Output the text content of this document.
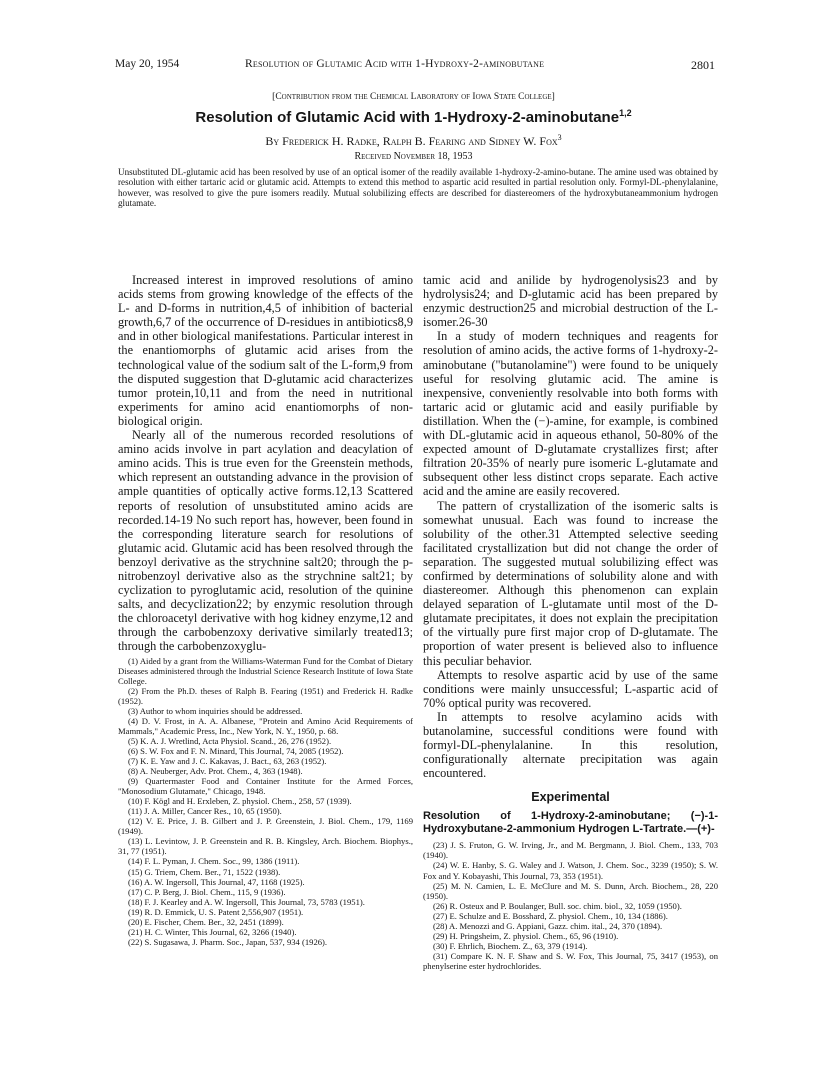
May 20, 1954	Resolution of Glutamic Acid with 1-Hydroxy-2-aminobutane	2801
[Contribution from the Chemical Laboratory of Iowa State College]
Resolution of Glutamic Acid with 1-Hydroxy-2-aminobutane$^{1,2}$
By Frederick H. Radke, Ralph B. Fearing and Sidney W. Fox$^3$
Received November 18, 1953
Unsubstituted DL-glutamic acid has been resolved by use of an optical isomer of the readily available 1-hydroxy-2-amino-butane. The amine used was obtained by resolution with either tartaric acid or glutamic acid. Attempts to extend this method to aspartic acid resulted in partial resolution only. Formyl-DL-phenylalanine, however, was resolved to give the pure isomers readily. Mutual solubilizing effects are described for diastereomers of the hydroxybutaneammonium hydrogen glutamate.

Increased interest in improved resolutions of amino acids stems from growing knowledge of the effects of the L- and D-forms in nutrition,4,5 of inhibition of bacterial growth,6,7 of the occurrence of D-residues in antibiotics8,9 and in other biological manifestations. Particular interest in the enantiomorphs of glutamic acid arises from the technological value of the sodium salt of the L-form,9 from the disputed suggestion that D-glutamic acid characterizes tumor protein,10,11 and from the need in nutritional experiments for amino acid enantiomorphs of non-biological origin.

Nearly all of the numerous recorded resolutions of amino acids involve in part acylation and deacylation of amino acids. This is true even for the Greenstein methods, which represent an outstanding advance in the provision of ample quantities of optically active forms.12,13 Scattered reports of resolution of unsubstituted amino acids are recorded.14-19 No such report has, however, been found in the corresponding literature search for resolutions of glutamic acid. Glutamic acid has been resolved through the benzoyl derivative as the strychnine salt20; through the p-nitrobenzoyl derivative also as the strychnine salt21; by cyclization to pyroglutamic acid, resolution of the quinine salts, and decyclization22; by enzymic resolution through the chloroacetyl derivative with hog kidney enzyme,12 and through the carbobenzoxy derivative similarly treated13; through the carbobenzoxyglu-

(1) Aided by a grant from the Williams-Waterman Fund for the Combat of Dietary Diseases administered through the Industrial Science Research Institute of Iowa State College.

(2) From the Ph.D. theses of Ralph B. Fearing (1951) and Frederick H. Radke (1952).

(3) Author to whom inquiries should be addressed.

(4) D. V. Frost, in A. A. Albanese, "Protein and Amino Acid Requirements of Mammals," Academic Press, Inc., New York, N. Y., 1950, p. 68.

(5) K. A. J. Wretlind, Acta Physiol. Scand., 26, 276 (1952).

(6) S. W. Fox and F. N. Minard, This Journal, 74, 2085 (1952).

(7) K. E. Yaw and J. C. Kakavas, J. Bact., 63, 263 (1952).

(8) A. Neuberger, Adv. Prot. Chem., 4, 363 (1948).

(9) Quartermaster Food and Container Institute for the Armed Forces, "Monosodium Glutamate," Chicago, 1948.

(10) F. Kögl and H. Erxleben, Z. physiol. Chem., 258, 57 (1939).

(11) J. A. Miller, Cancer Res., 10, 65 (1950).

(12) V. E. Price, J. B. Gilbert and J. P. Greenstein, J. Biol. Chem., 179, 1169 (1949).

(13) L. Levintow, J. P. Greenstein and R. B. Kingsley, Arch. Biochem. Biophys., 31, 77 (1951).

(14) F. L. Pyman, J. Chem. Soc., 99, 1386 (1911).

(15) G. Triem, Chem. Ber., 71, 1522 (1938).

(16) A. W. Ingersoll, This Journal, 47, 1168 (1925).

(17) C. P. Berg, J. Biol. Chem., 115, 9 (1936).

(18) F. J. Kearley and A. W. Ingersoll, This Journal, 73, 5783 (1951).

(19) R. D. Emmick, U. S. Patent 2,556,907 (1951).

(20) E. Fischer, Chem. Ber., 32, 2451 (1899).

(21) H. C. Winter, This Journal, 62, 3266 (1940).

(22) S. Sugasawa, J. Pharm. Soc., Japan, 537, 934 (1926).

tamic acid and anilide by hydrogenolysis23 and by hydrolysis24; and D-glutamic acid has been prepared by enzymic destruction25 and microbial destruction of the L-isomer.26-30

In a study of modern techniques and reagents for resolution of amino acids, the active forms of 1-hydroxy-2-aminobutane ("butanolamine") were found to be uniquely useful for resolving glutamic acid. The amine is inexpensive, conveniently resolvable into both forms with tartaric acid or glutamic acid and easily purifiable by distillation. When the (−)-amine, for example, is combined with DL-glutamic acid in aqueous ethanol, 50-80% of the expected amount of D-glutamate crystallizes first; after filtration 20-35% of nearly pure isomeric L-glutamate and subsequent other less distinct crops separate. Each active acid and the amine are easily recovered.

The pattern of crystallization of the isomeric salts is somewhat unusual. Each was found to increase the solubility of the other.31 Attempted selective seeding facilitated crystallization but did not change the order of separation. The suggested mutual solubilizing effect was confirmed by determinations of solubility alone and with diastereomer. Although this phenomenon can explain delayed separation of L-glutamate until most of the D-glutamate precipitates, it does not explain the precipitation of the virtually pure first major crop of D-glutamate. The proportion of water present is believed also to influence this peculiar behavior.

Attempts to resolve aspartic acid by use of the same conditions were mainly unsuccessful; L-aspartic acid of 70% optical purity was recovered.

In attempts to resolve acylamino acids with butanolamine, successful conditions were found with formyl-DL-phenylalanine. In this resolution, configurationally alternate precipitation was again encountered.

Experimental
Resolution of 1-Hydroxy-2-aminobutane; (−)-1-Hydroxybutane-2-ammonium Hydrogen L-Tartrate.—(+)-

(23) J. S. Fruton, G. W. Irving, Jr., and M. Bergmann, J. Biol. Chem., 133, 703 (1940).

(24) W. E. Hanby, S. G. Waley and J. Watson, J. Chem. Soc., 3239 (1950); S. W. Fox and Y. Kobayashi, This Journal, 73, 353 (1951).

(25) M. N. Camien, L. E. McClure and M. S. Dunn, Arch. Biochem., 28, 220 (1950).

(26) R. Osteux and P. Boulanger, Bull. soc. chim. biol., 32, 1059 (1950).

(27) E. Schulze and E. Bosshard, Z. physiol. Chem., 10, 134 (1886).

(28) A. Menozzi and G. Appiani, Gazz. chim. ital., 24, 370 (1894).

(29) H. Pringsheim, Z. physiol. Chem., 65, 96 (1910).

(30) F. Ehrlich, Biochem. Z., 63, 379 (1914).

(31) Compare K. N. F. Shaw and S. W. Fox, This Journal, 75, 3417 (1953), on phenylserine ester hydrochlorides.
